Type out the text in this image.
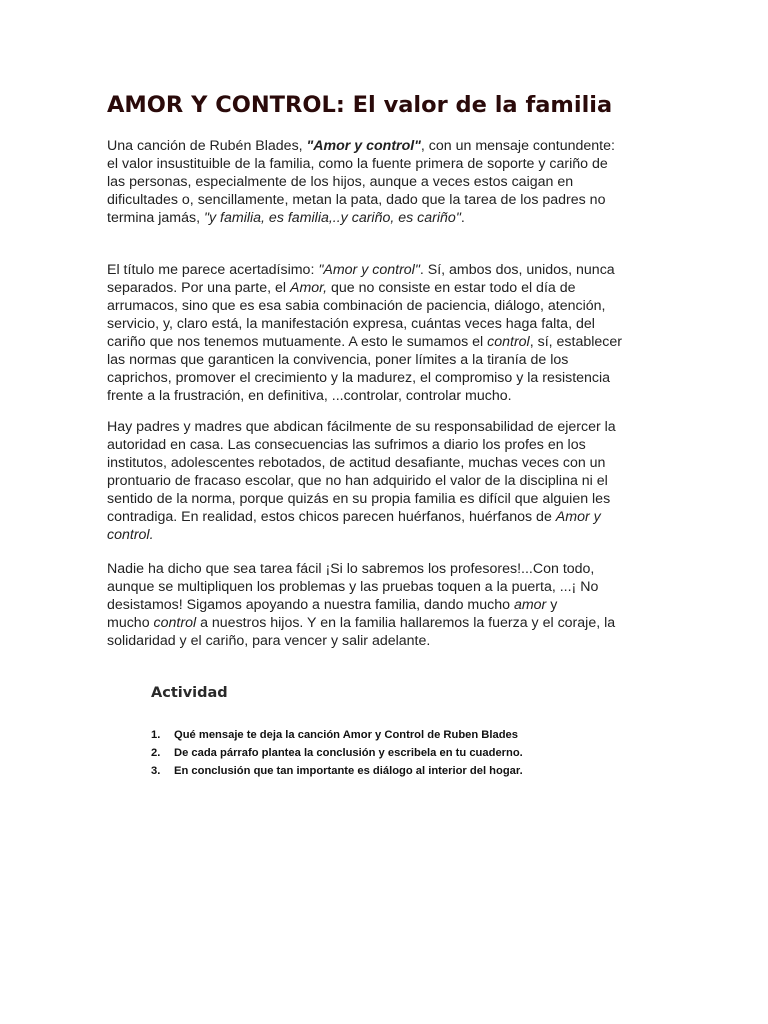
AMOR Y CONTROL: El valor de la familia
Una canción de Rubén Blades, "Amor y control", con un mensaje contundente:
el valor insustituible de la familia, como la fuente primera de soporte y cariño de
las personas, especialmente de los hijos, aunque a veces estos caigan en
dificultades o, sencillamente, metan la pata, dado que la tarea de los padres no
termina jamás, "y familia, es familia,..y cariño, es cariño".
El título me parece acertadísimo: "Amor y control". Sí, ambos dos, unidos, nunca
separados. Por una parte, el Amor, que no consiste en estar todo el día de
arrumacos, sino que es esa sabia combinación de paciencia, diálogo, atención,
servicio, y, claro está, la manifestación expresa, cuántas veces haga falta, del
cariño que nos tenemos mutuamente. A esto le sumamos el control, sí, establecer
las normas que garanticen la convivencia, poner límites a la tiranía de los
caprichos, promover el crecimiento y la madurez, el compromiso y la resistencia
frente a la frustración, en definitiva, ...controlar, controlar mucho.
Hay padres y madres que abdican fácilmente de su responsabilidad de ejercer la
autoridad en casa. Las consecuencias las sufrimos a diario los profes en los
institutos, adolescentes rebotados, de actitud desafiante, muchas veces con un
prontuario de fracaso escolar, que no han adquirido el valor de la disciplina ni el
sentido de la norma, porque quizás en su propia familia es difícil que alguien les
contradiga. En realidad, estos chicos parecen huérfanos, huérfanos de Amor y
control.
Nadie ha dicho que sea tarea fácil ¡Si lo sabremos los profesores!...Con todo,
aunque se multipliquen los problemas y las pruebas toquen a la puerta, ...¡ No
desistamos! Sigamos apoyando a nuestra familia, dando mucho amor y
mucho control a nuestros hijos. Y en la familia hallaremos la fuerza y el coraje, la
solidaridad y el cariño, para vencer y salir adelante.
Actividad
1.	Qué mensaje te deja la canción Amor y Control de Ruben Blades
2.	De cada párrafo plantea la conclusión y escribela en tu cuaderno.
3.	En conclusión que tan importante es diálogo al interior del hogar.
